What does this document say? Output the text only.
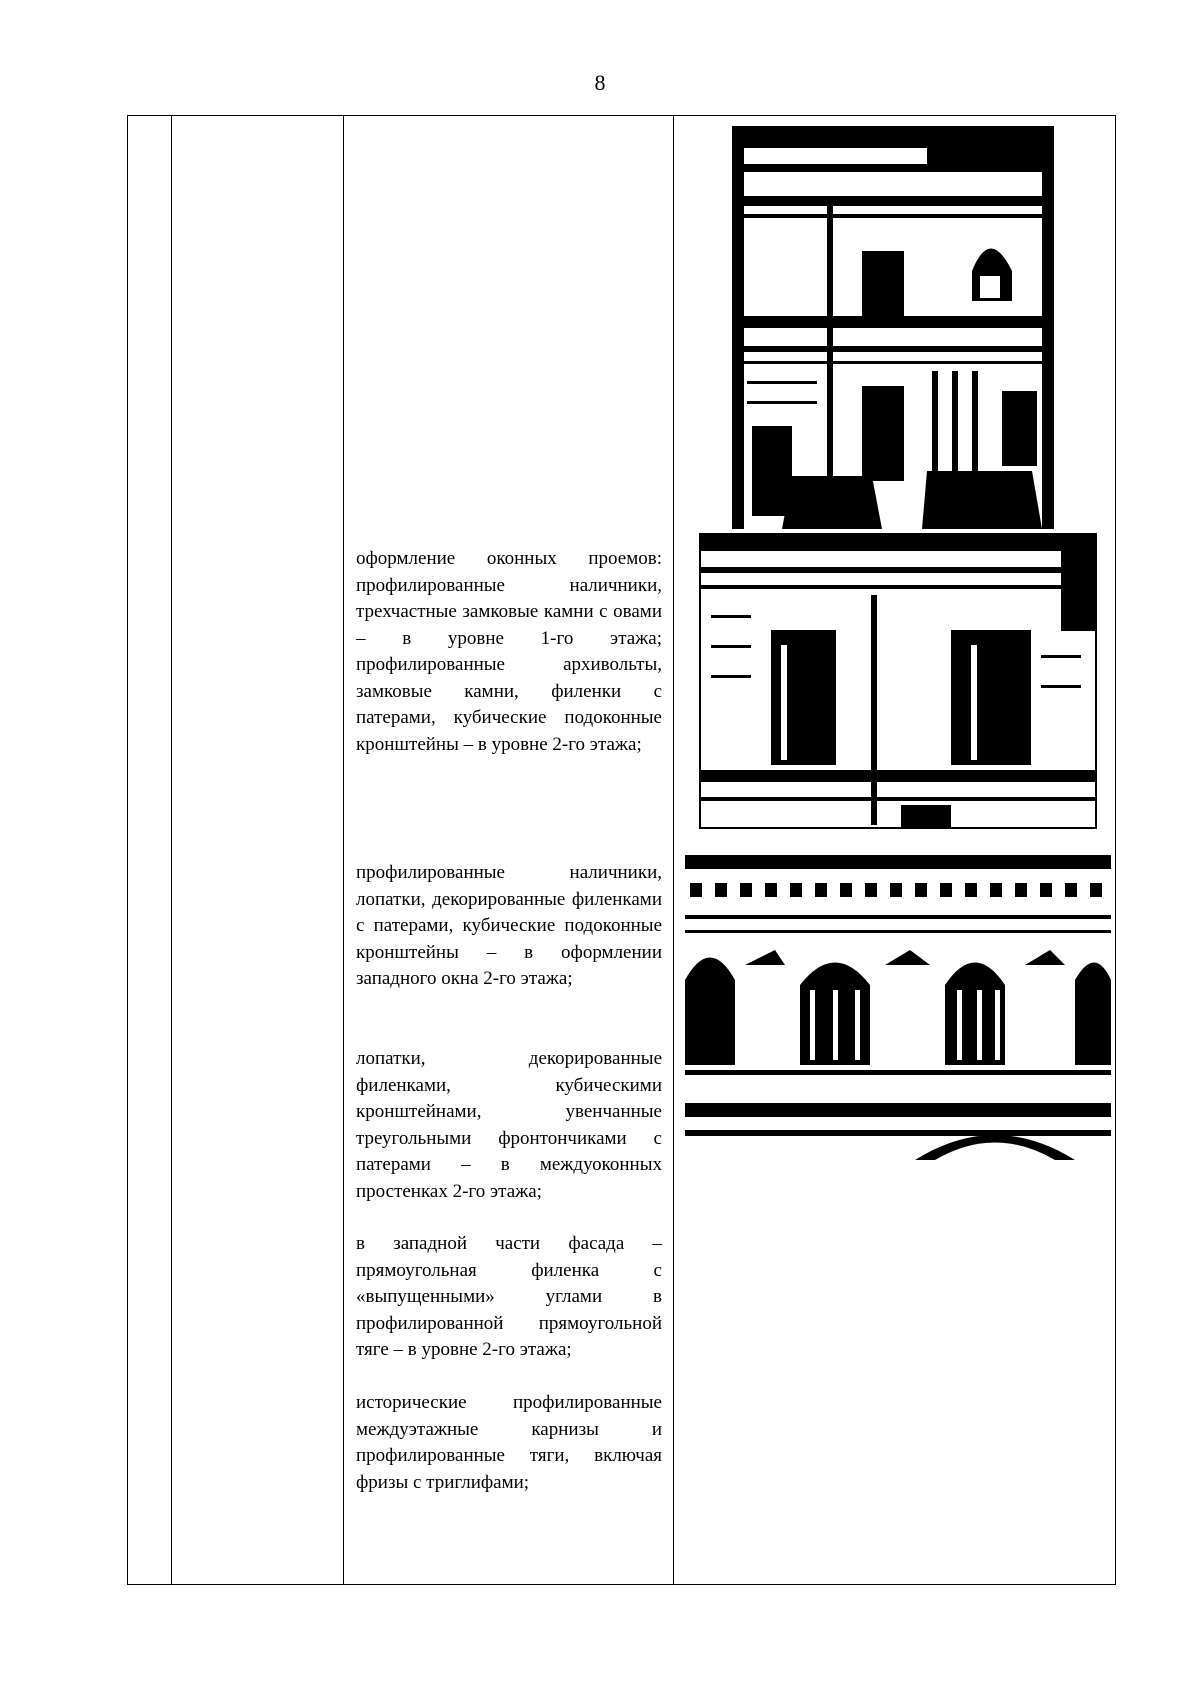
8

оформление оконных проемов: профилированные наличники, трехчастные замковые камни с овами – в уровне 1-го этажа; профилированные архивольты, замковые камни, филенки с патерами, кубические подоконные кронштейны – в уровне 2-го этажа;

профилированные наличники, лопатки, декорированные филенками с патерами, кубические подоконные кронштейны – в оформлении западного окна 2-го этажа;

лопатки, декорированные филенками, кубическими кронштейнами, увенчанные треугольными фронтончиками с патерами – в междуоконных простенках 2-го этажа;

в западной части фасада – прямоугольная филенка с «выпущенными» углами в профилированной прямоугольной тяге – в уровне 2-го этажа;

исторические профилированные междуэтажные карнизы и профилированные тяги, включая фризы с триглифами;
